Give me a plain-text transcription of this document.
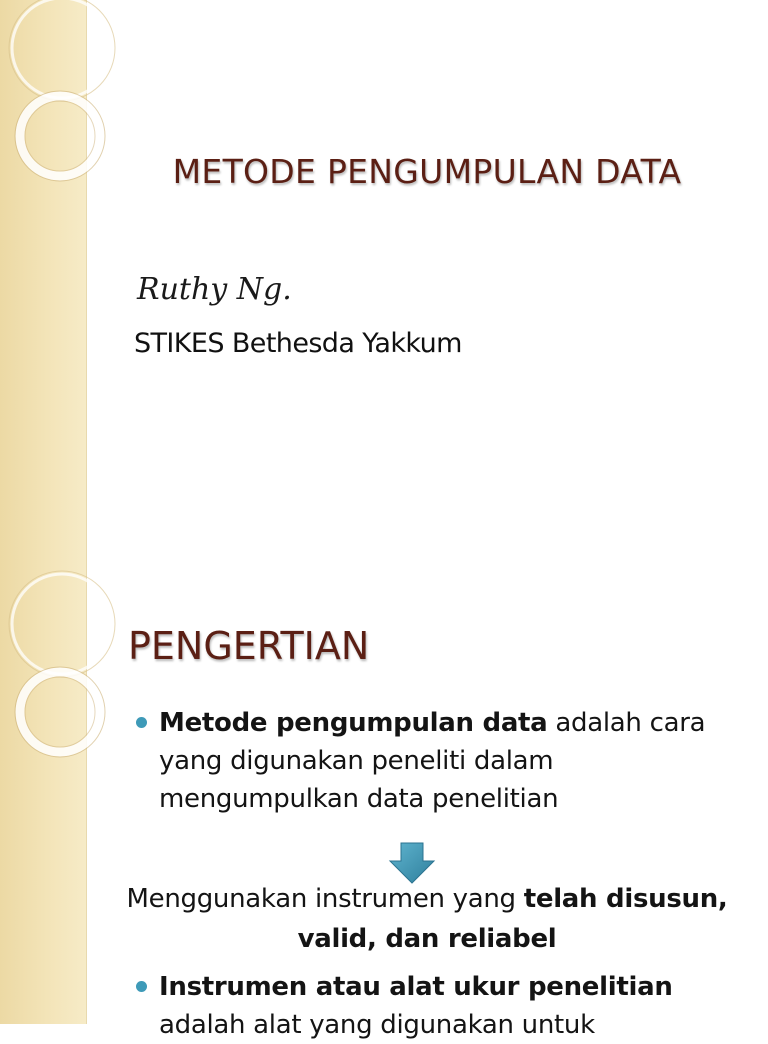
METODE PENGUMPULAN DATA
Ruthy Ng.
STIKES Bethesda Yakkum
PENGERTIAN
Metode pengumpulan data adalah cara yang digunakan peneliti dalam mengumpulkan data penelitian
Menggunakan instrumen yang telah disusun, valid, dan reliabel
Instrumen atau alat ukur penelitian adalah alat yang digunakan untuk
